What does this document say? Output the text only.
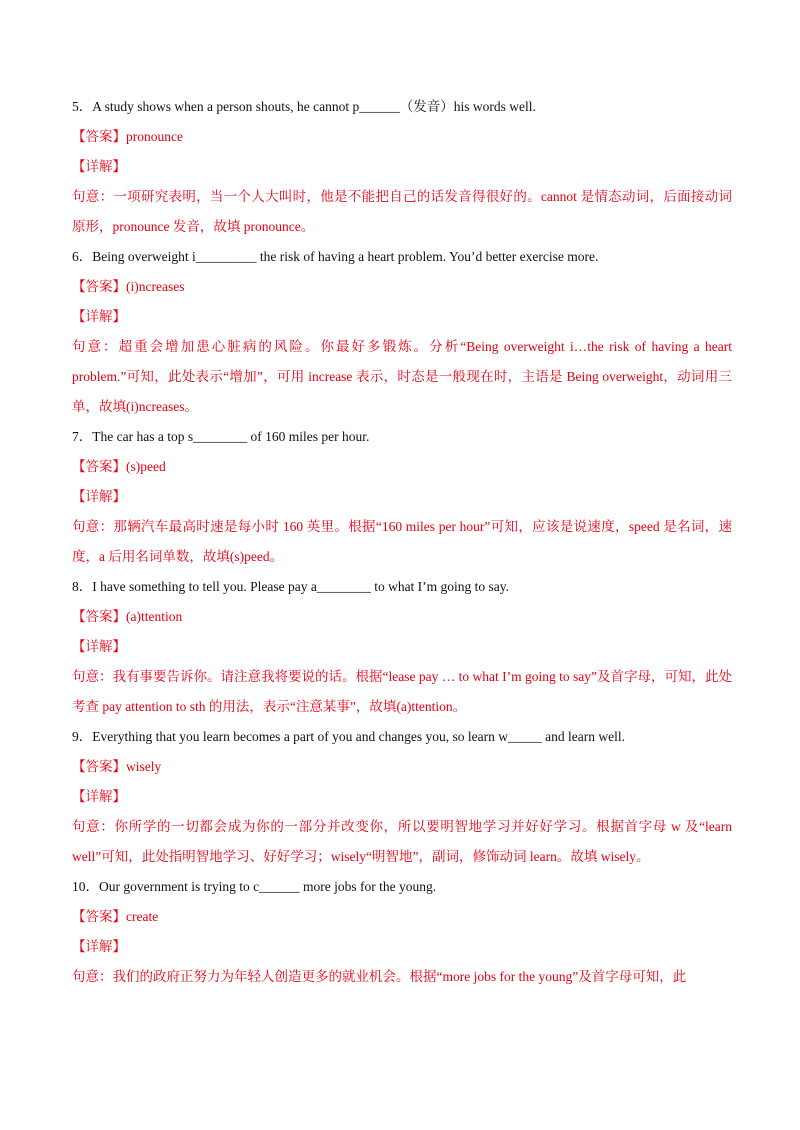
5．A study shows when a person shouts, he cannot p______（发音）his words well.
【答案】pronounce
【详解】
句意：一项研究表明，当一个人大叫时，他是不能把自己的话发音得很好的。cannot 是情态动词，后面接动词原形，pronounce 发音，故填 pronounce。
6．Being overweight i_________ the risk of having a heart problem. You’d better exercise more.
【答案】(i)ncreases
【详解】
句意：超重会增加患心脏病的风险。你最好多锻炼。分析“Being overweight i…the risk of having a heart problem.”可知，此处表示“增加”，可用 increase 表示，时态是一般现在时，主语是 Being overweight，动词用三单，故填(i)ncreases。
7．The car has a top s________ of 160 miles per hour.
【答案】(s)peed
【详解】
句意：那辆汽车最高时速是每小时 160 英里。根据“160 miles per hour”可知，应该是说速度，speed 是名词，速度，a 后用名词单数，故填(s)peed。
8．I have something to tell you. Please pay a________ to what I’m going to say.
【答案】(a)ttention
【详解】
句意：我有事要告诉你。请注意我将要说的话。根据“lease pay … to what I’m going to say”及首字母，可知，此处考查 pay attention to sth 的用法，表示“注意某事”，故填(a)ttention。
9．Everything that you learn becomes a part of you and changes you, so learn w_____ and learn well.
【答案】wisely
【详解】
句意：你所学的一切都会成为你的一部分并改变你，所以要明智地学习并好好学习。根据首字母 w 及“learn well”可知，此处指明智地学习、好好学习；wisely“明智地”，副词，修饰动词 learn。故填 wisely。
10．Our government is trying to c______ more jobs for the young.
【答案】create
【详解】
句意：我们的政府正努力为年轻人创造更多的就业机会。根据“more jobs for the young”及首字母可知，此
